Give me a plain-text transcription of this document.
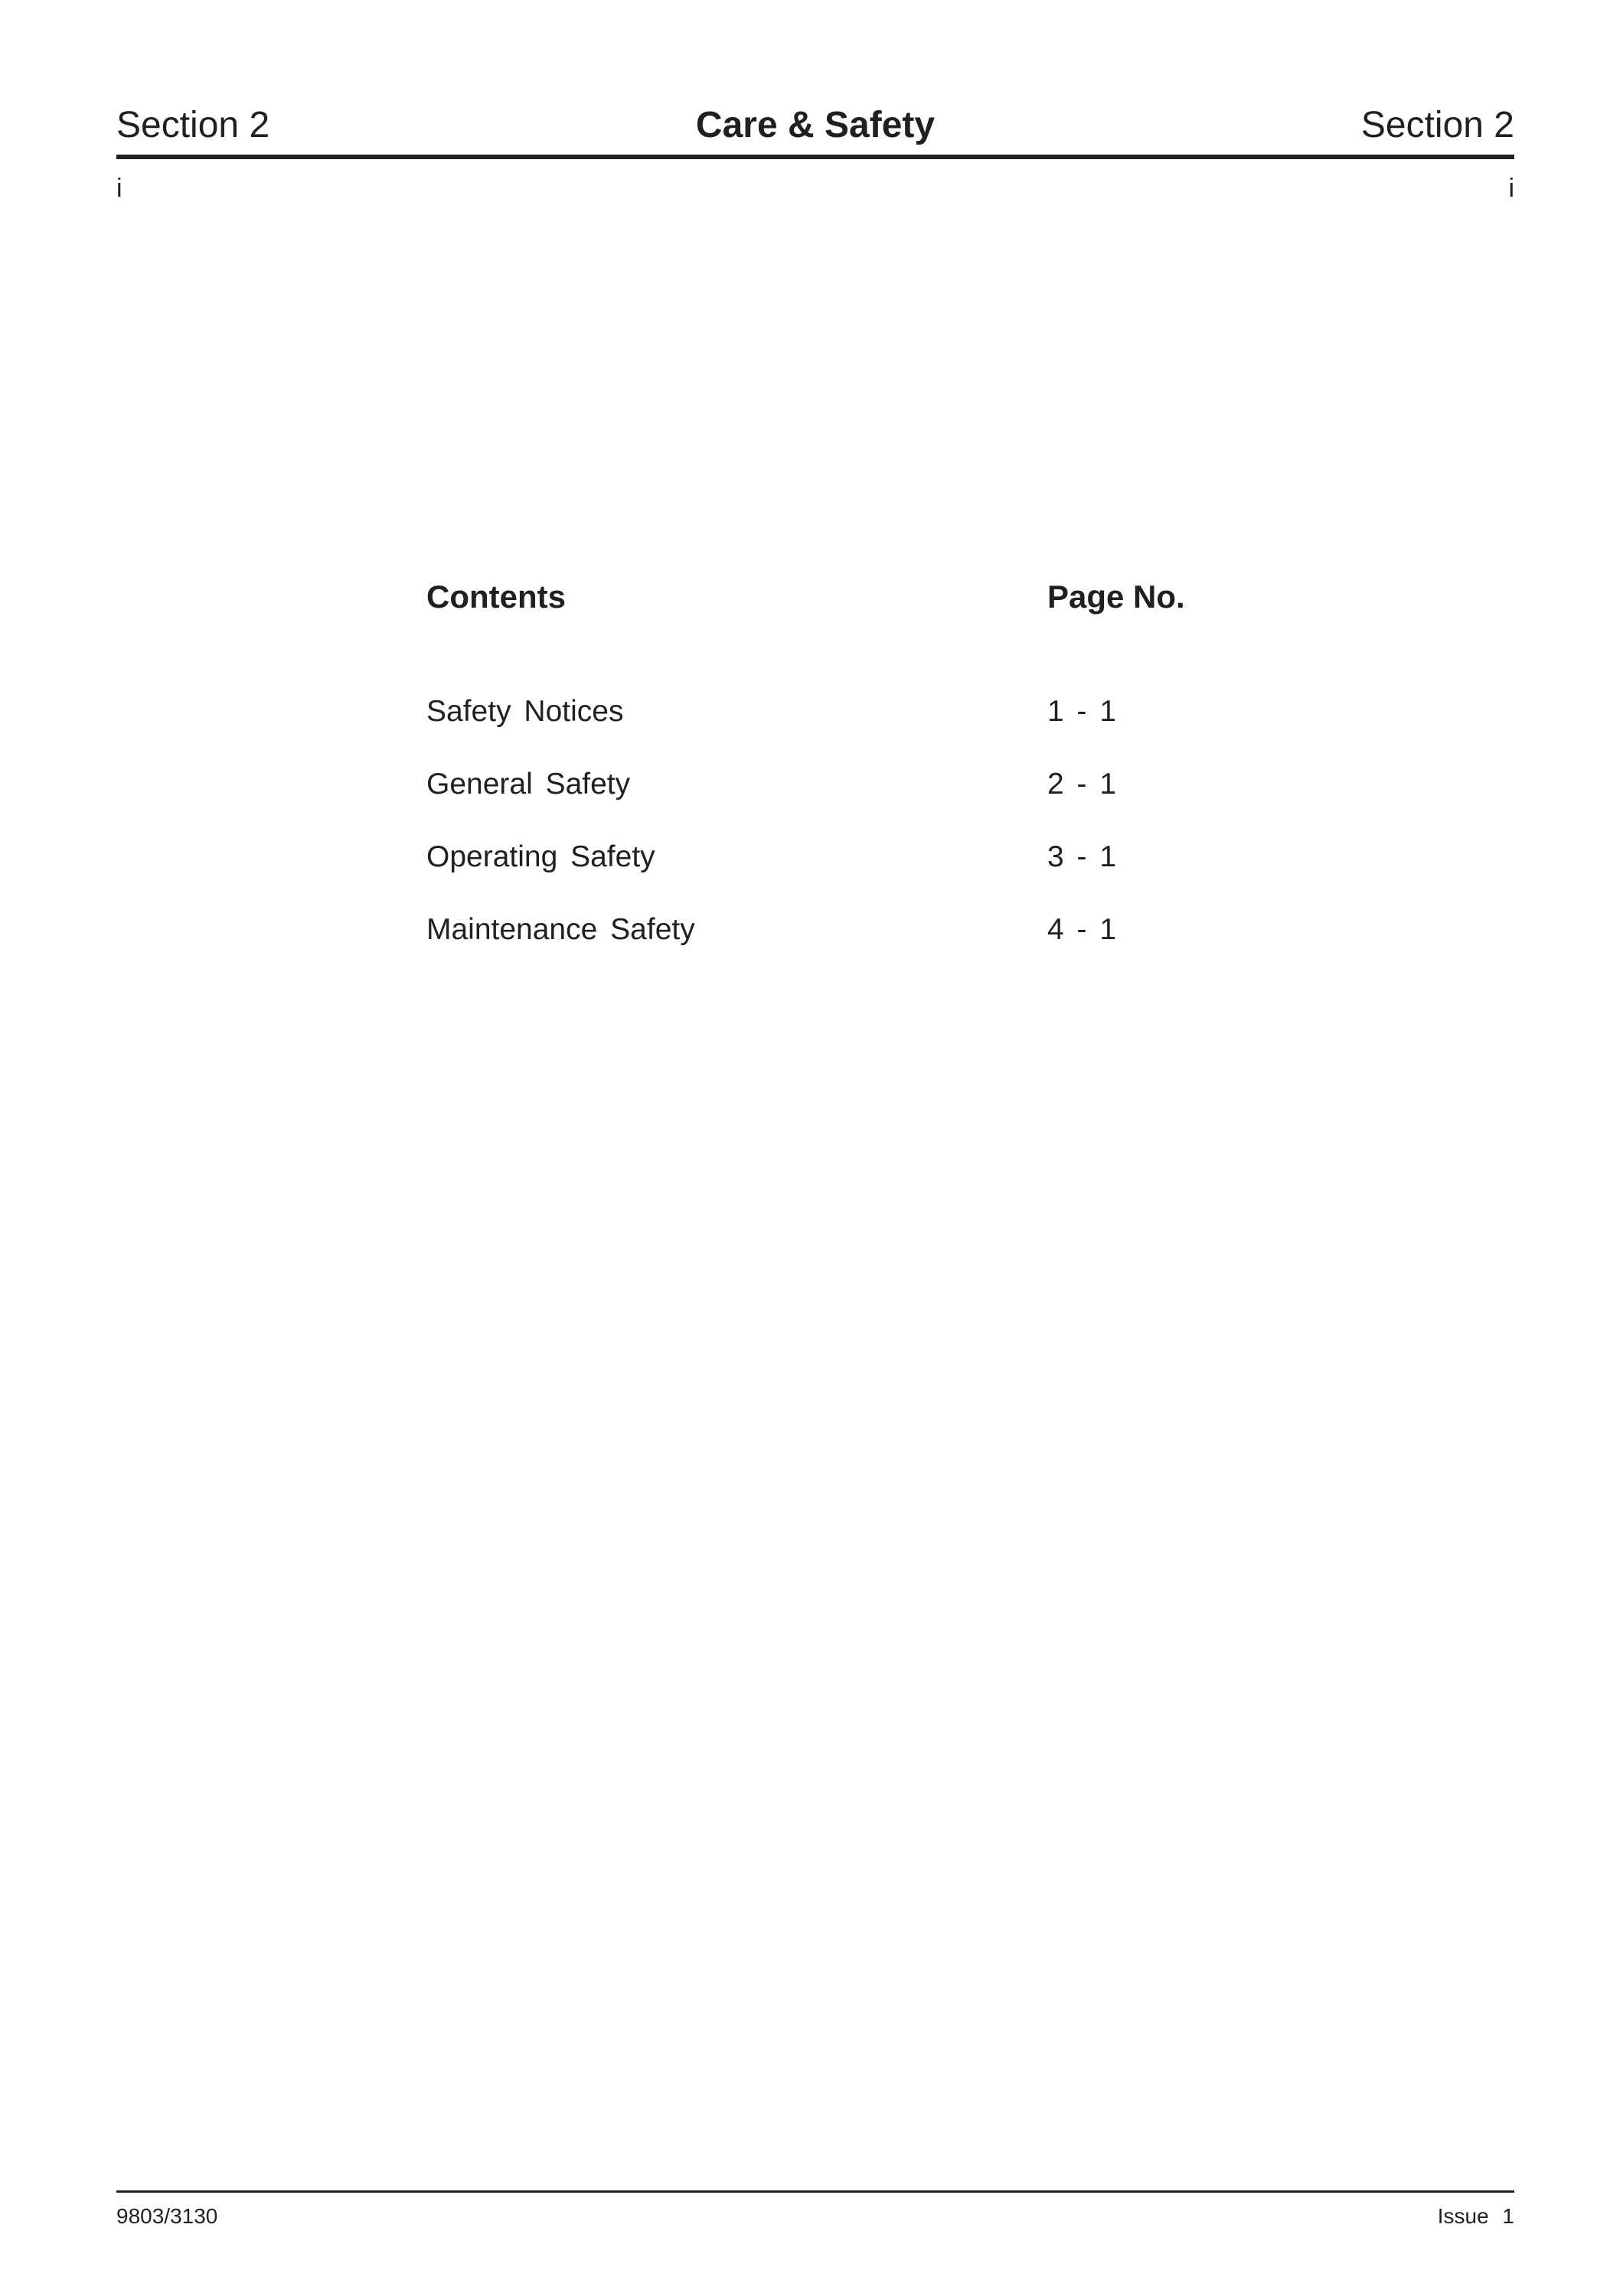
Section 2	Care & Safety	Section 2
i	i
Contents	Page No.
Safety Notices	1 - 1
General Safety	2 - 1
Operating Safety	3 - 1
Maintenance Safety	4 - 1
9803/3130	Issue 1
